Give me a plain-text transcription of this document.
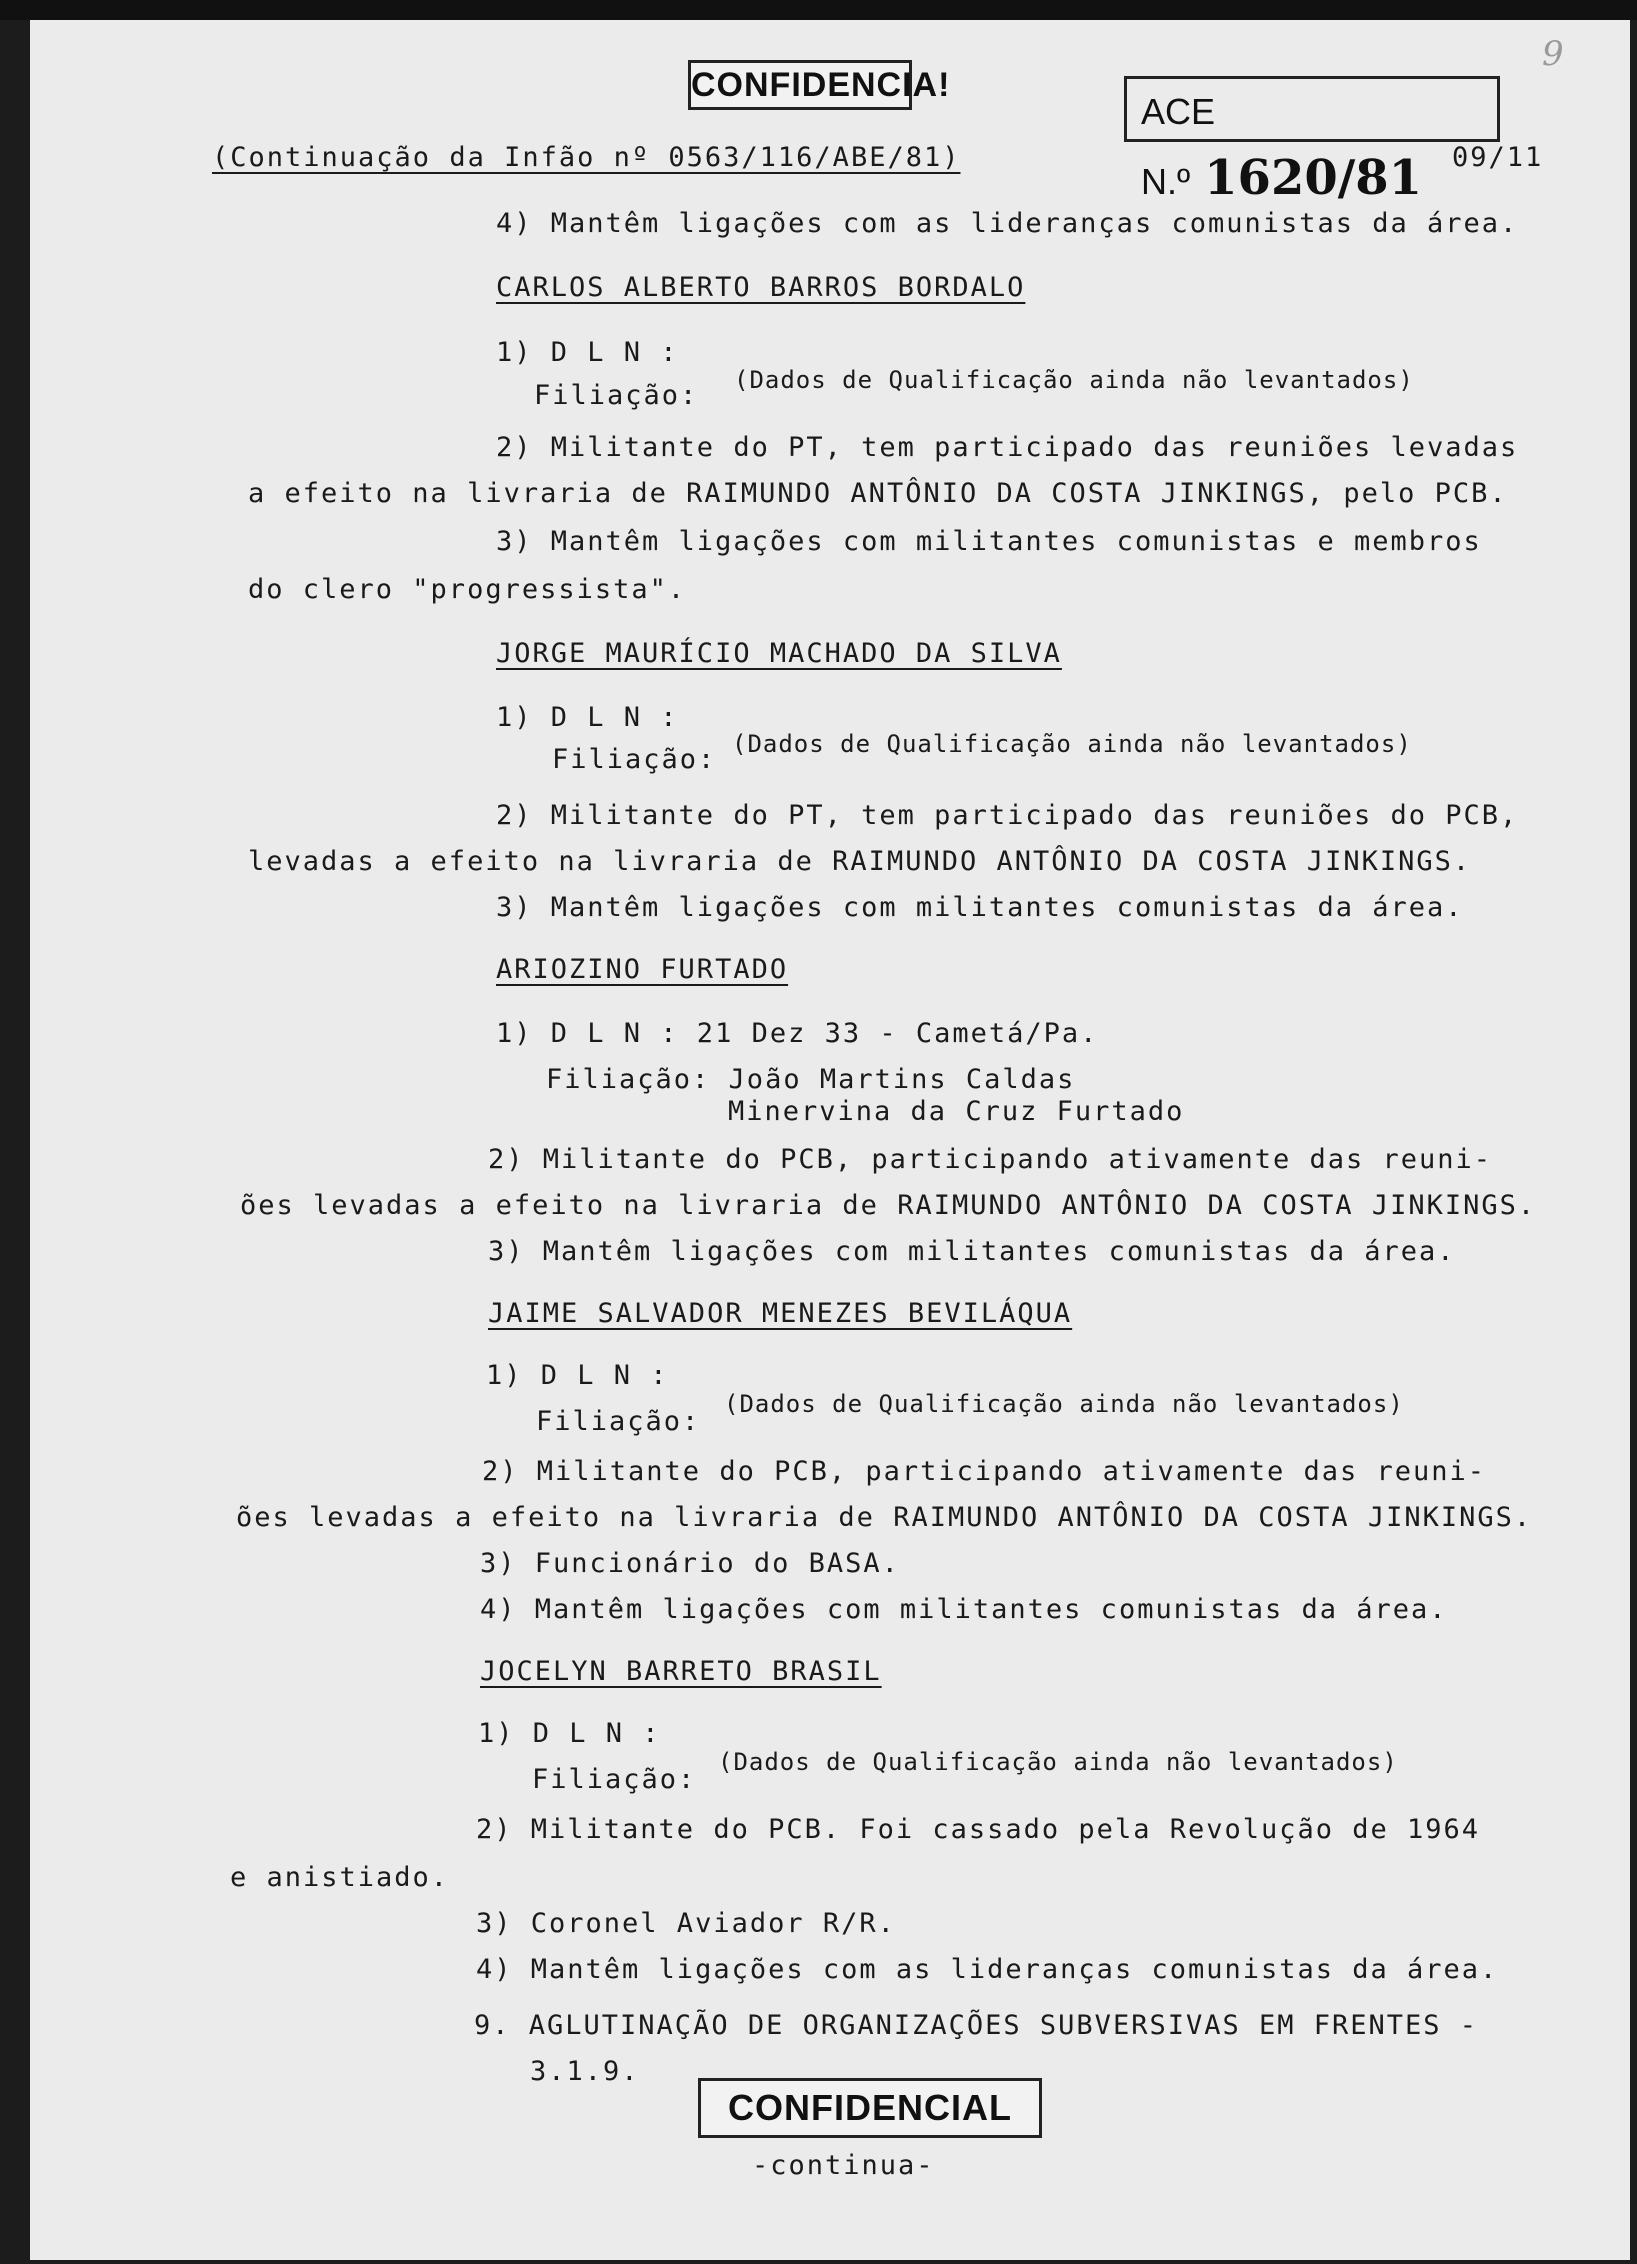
CONFIDENCIA!
ACE N.º 1620/81
9
(Continuação da Infão nº 0563/116/ABE/81)	09/11
4) Mantêm ligações com as lideranças comunistas da área.
CARLOS ALBERTO BARROS BORDALO
1) D L N :
Filiação: (Dados de Qualificação ainda não levantados)
2) Militante do PT, tem participado das reuniões levadas
a efeito na livraria de RAIMUNDO ANTÔNIO DA COSTA JINKINGS, pelo PCB.
3) Mantêm ligações com militantes comunistas e membros
do clero "progressista".
JORGE MAURÍCIO MACHADO DA SILVA
1) D L N :
Filiação: (Dados de Qualificação ainda não levantados)
2) Militante do PT, tem participado das reuniões do PCB,
levadas a efeito na livraria de RAIMUNDO ANTÔNIO DA COSTA JINKINGS.
3) Mantêm ligações com militantes comunistas da área.
ARIOZINO FURTADO
1) D L N : 21 Dez 33 - Cametá/Pa.
Filiação: João Martins Caldas
Minervina da Cruz Furtado
2) Militante do PCB, participando ativamente das reuni-
ões levadas a efeito na livraria de RAIMUNDO ANTÔNIO DA COSTA JINKINGS.
3) Mantêm ligações com militantes comunistas da área.
JAIME SALVADOR MENEZES BEVILÁQUA
1) D L N :
Filiação:
(Dados de Qualificação ainda não levantados)
2) Militante do PCB, participando ativamente das reuni-
ões levadas a efeito na livraria de RAIMUNDO ANTÔNIO DA COSTA JINKINGS.
3) Funcionário do BASA.
4) Mantêm ligações com militantes comunistas da área.
JOCELYN BARRETO BRASIL
1) D L N :
Filiação:
(Dados de Qualificação ainda não levantados)
2) Militante do PCB. Foi cassado pela Revolução de 1964
e anistiado.
3) Coronel Aviador R/R.
4) Mantêm ligações com as lideranças comunistas da área.
9. AGLUTINAÇÃO DE ORGANIZAÇÕES SUBVERSIVAS EM FRENTES -
3.1.9.
CONFIDENCIAL
-continua-
